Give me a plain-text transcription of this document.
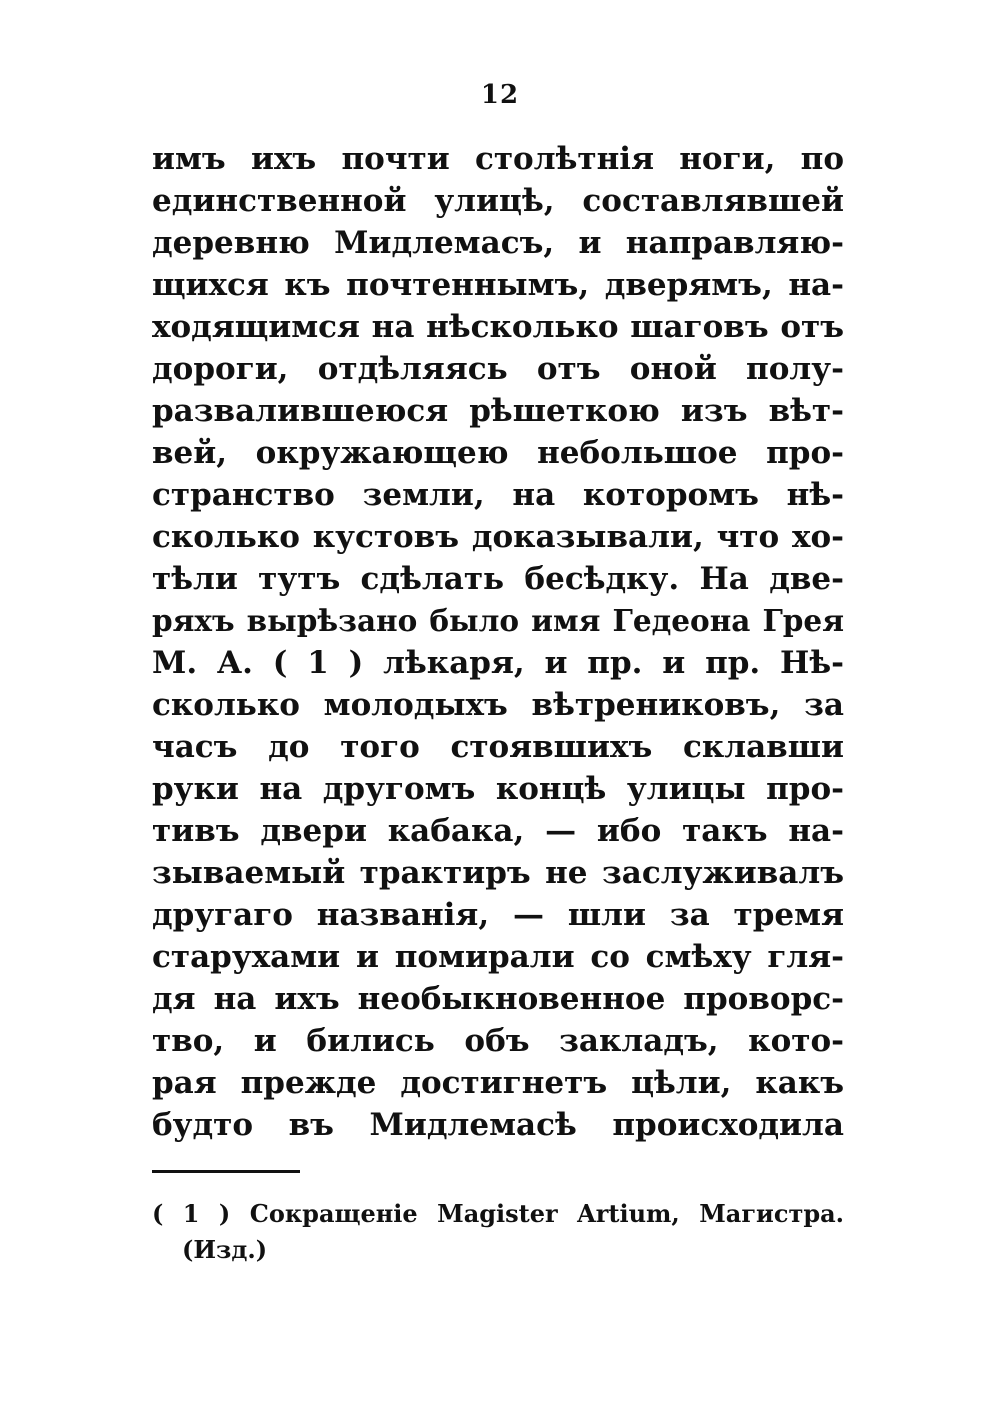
12
имъ ихъ почти столѣтнія ноги, по
единственной улицѣ, составлявшей
деревню Мидлемасъ, и направляю-
щихся къ почтеннымъ, дверямъ, на-
ходящимся на нѣсколько шаговъ отъ
дороги, отдѣляясь отъ оной полу-
развалившеюся рѣшеткою изъ вѣт-
вей, окружающею небольшое про-
странство земли, на которомъ нѣ-
сколько кустовъ доказывали, что хо-
тѣли тутъ сдѣлать бесѣдку. На две-
ряхъ вырѣзано было имя Гедеона Грея
М. А. ( 1 ) лѣкаря, и пр. и пр. Нѣ-
сколько молодыхъ вѣтрениковъ, за
часъ до того стоявшихъ склавши
руки на другомъ концѣ улицы про-
тивъ двери кабака, — ибо такъ на-
зываемый трактиръ не заслуживалъ
другаго названія, — шли за тремя
старухами и помирали со смѣху гля-
дя на ихъ необыкновенное проворс-
тво, и бились объ закладъ, кото-
рая прежде достигнетъ цѣли, какъ
будто въ Мидлемасѣ происходила
( 1 ) Сокращеніе Magister Artium, Магистра.
(Изд.)
